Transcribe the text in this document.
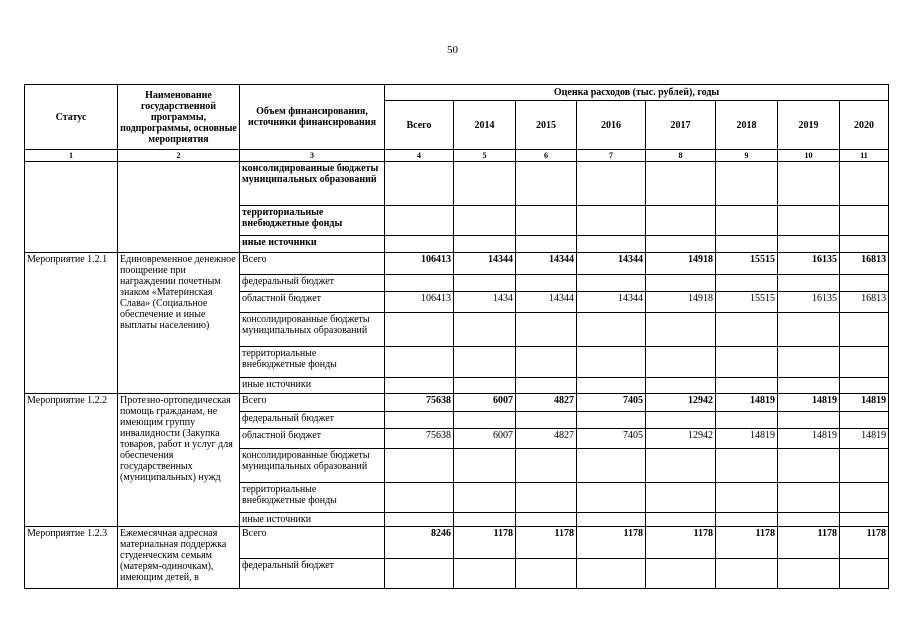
50
Статус	Наименование государственной программы, подпрограммы, основные мероприятия	Объем финансирования, источники финансирования	Оценка расходов (тыс. рублей), годы							
			Всего	2014	2015	2016	2017	2018	2019	2020
1	2	3	4	5	6	7	8	9	10	11
		консолидированные бюджеты муниципальных образований								
		территориальные внебюджетные фонды								
		иные источники								
Мероприятие 1.2.1	Единовременное денежное поощрение при награждении почетным знаком «Материнская Слава» (Социальное обеспечение и иные выплаты населению)	Всего	106413	14344	14344	14344	14918	15515	16135	16813
		федеральный бюджет								
		областной бюджет	106413	1434	14344	14344	14918	15515	16135	16813
		консолидированные бюджеты муниципальных образований								
		территориальные внебюджетные фонды								
		иные источники								
Мероприятие 1.2.2	Протезно-ортопедическая помощь гражданам, не имеющим группу инвалидности (Закупка товаров, работ и услуг для обеспечения государственных (муниципальных) нужд	Всего	75638	6007	4827	7405	12942	14819	14819	14819
		федеральный бюджет								
		областной бюджет	75638	6007	4827	7405	12942	14819	14819	14819
		консолидированные бюджеты муниципальных образований								
		территориальные внебюджетные фонды								
		иные источники								
Мероприятие 1.2.3	Ежемесячная адресная материальная поддержка студенческим семьям (матерям-одиночкам), имеющим детей, в	Всего	8246	1178	1178	1178	1178	1178	1178	1178
		федеральный бюджет								
